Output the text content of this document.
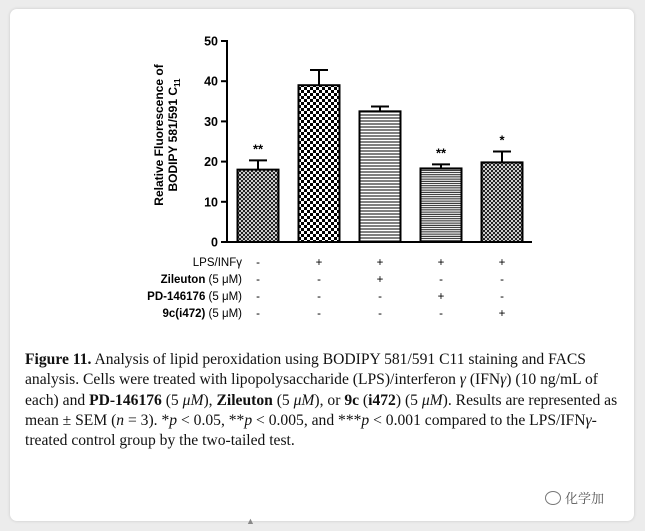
0
10
20
30
40
50
Relative Fluorescence ofBODIPY 581/591 $C_{11}$
**	**
*
LPS/INFγ -	+	+	+	+
Zileuton (5 μM) -	-	+	-	-
PD-146176 (5 μM) -	-	-	+	-
9c(i472) (5 μM) -	-	-	-	+

Figure 11. Analysis of lipid peroxidation using BODIPY 581/591 C11 staining and FACS analysis. Cells were treated with lipopolysaccharide (LPS)/interferon γ (IFNγ) (10 ng/mL of each) and PD-146176 (5 μM), Zileuton (5 μM), or 9c (i472) (5 μM). Results are represented as mean ± SEM (n = 3). *p < 0.05, **p < 0.005, and ***p < 0.001 compared to the LPS/IFNγ-treated control group by the two-tailed test.

化学加
▲
